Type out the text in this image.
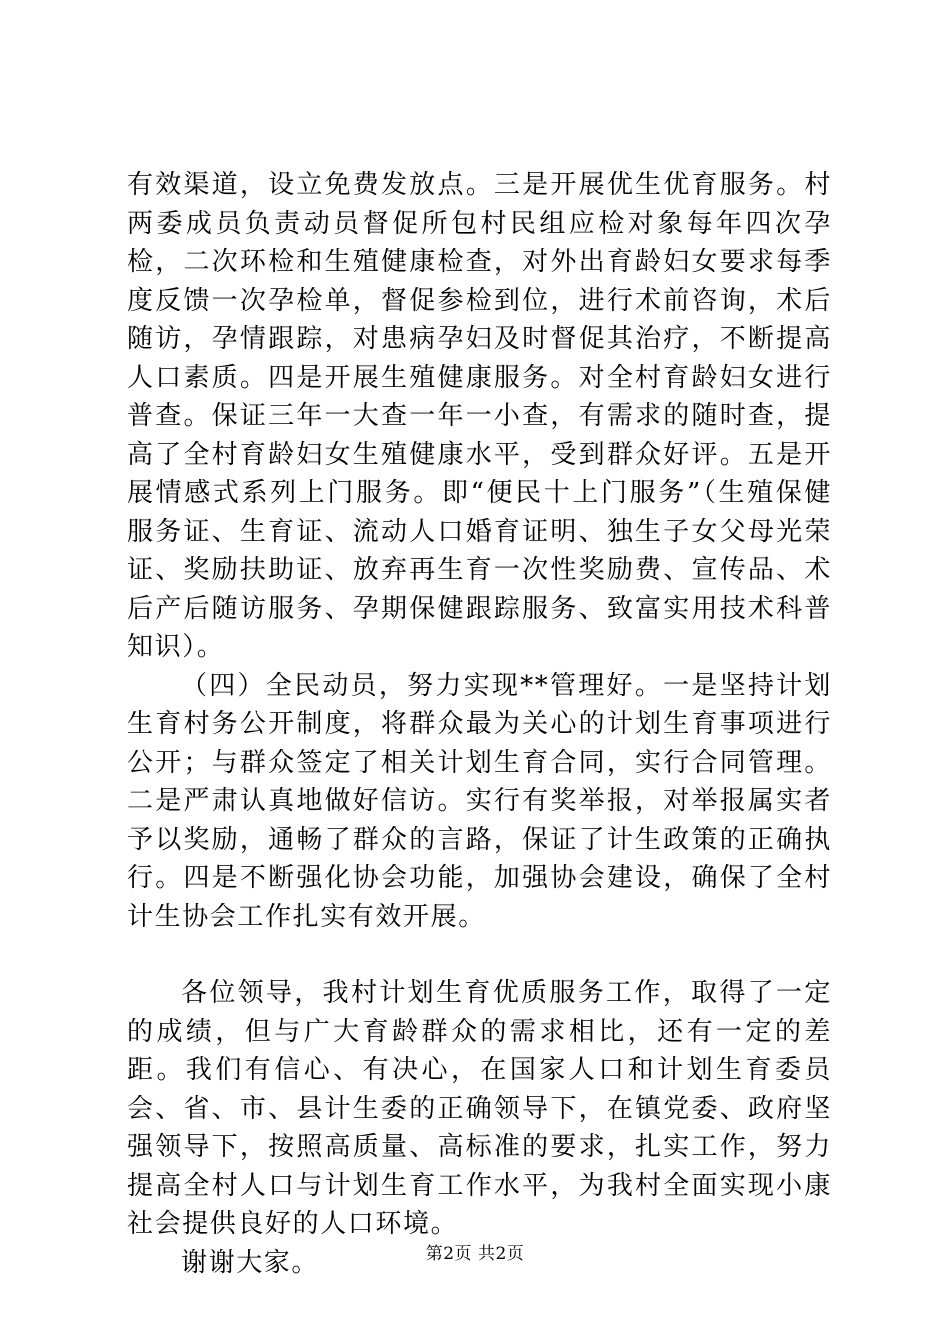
有效渠道，设立免费发放点。三是开展优生优育服务。村两委成员负责动员督促所包村民组应检对象每年四次孕检，二次环检和生殖健康检查，对外出育龄妇女要求每季度反馈一次孕检单，督促参检到位，进行术前咨询，术后随访，孕情跟踪，对患病孕妇及时督促其治疗，不断提高人口素质。四是开展生殖健康服务。对全村育龄妇女进行普查。保证三年一大查一年一小查，有需求的随时查，提高了全村育龄妇女生殖健康水平，受到群众好评。五是开展情感式系列上门服务。即“便民十上门服务”（生殖保健服务证、生育证、流动人口婚育证明、独生子女父母光荣证、奖励扶助证、放弃再生育一次性奖励费、宣传品、术后产后随访服务、孕期保健跟踪服务、致富实用技术科普知识）。

（四）全民动员，努力实现**管理好。一是坚持计划生育村务公开制度，将群众最为关心的计划生育事项进行公开；与群众签定了相关计划生育合同，实行合同管理。二是严肃认真地做好信访。实行有奖举报，对举报属实者予以奖励，通畅了群众的言路，保证了计生政策的正确执行。四是不断强化协会功能，加强协会建设，确保了全村计生协会工作扎实有效开展。

各位领导，我村计划生育优质服务工作，取得了一定的成绩，但与广大育龄群众的需求相比，还有一定的差距。我们有信心、有决心，在国家人口和计划生育委员会、省、市、县计生委的正确领导下，在镇党委、政府坚强领导下，按照高质量、高标准的要求，扎实工作，努力提高全村人口与计划生育工作水平，为我村全面实现小康社会提供良好的人口环境。

谢谢大家。	第2页 共2页
